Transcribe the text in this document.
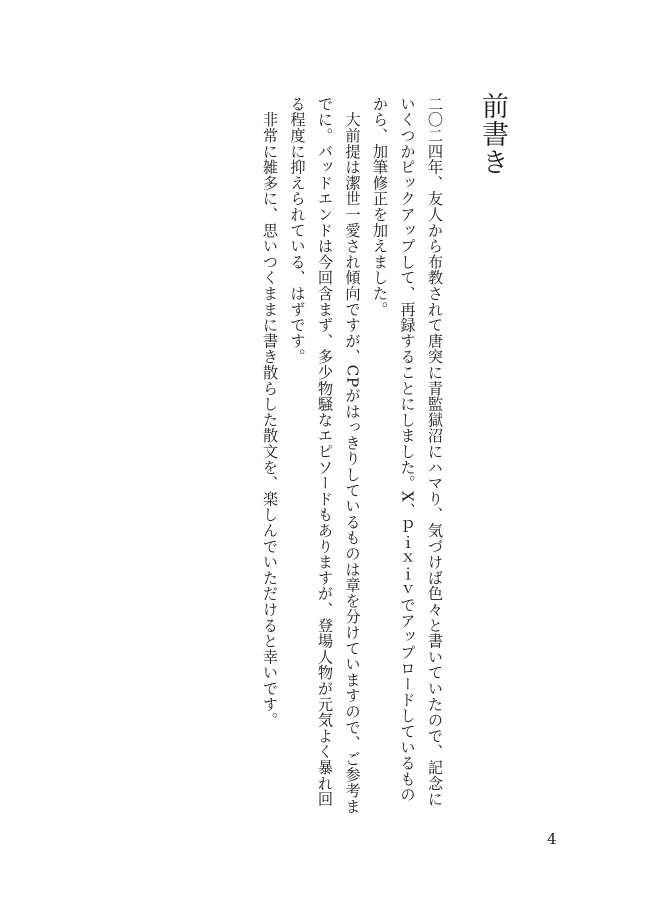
前書き

二〇二四年、友人から布教されて唐突に青監獄沼にハマり、気づけば色々と書いていたので、記念にいくつかピックアップして、再録することにしました。X、ｐｉｘｉｖでアップロードしているものから、加筆修正を加えました。

　大前提は潔世一愛され傾向ですが、CPがはっきりしているものは章を分けていますので、ご参考までに。バッドエンドは今回含まず、多少物騒なエピソードもありますが、登場人物が元気よく暴れ回る程度に抑えられている、はずです。

　非常に雑多に、思いつくままに書き散らした散文を、楽しんでいただけると幸いです。

4
